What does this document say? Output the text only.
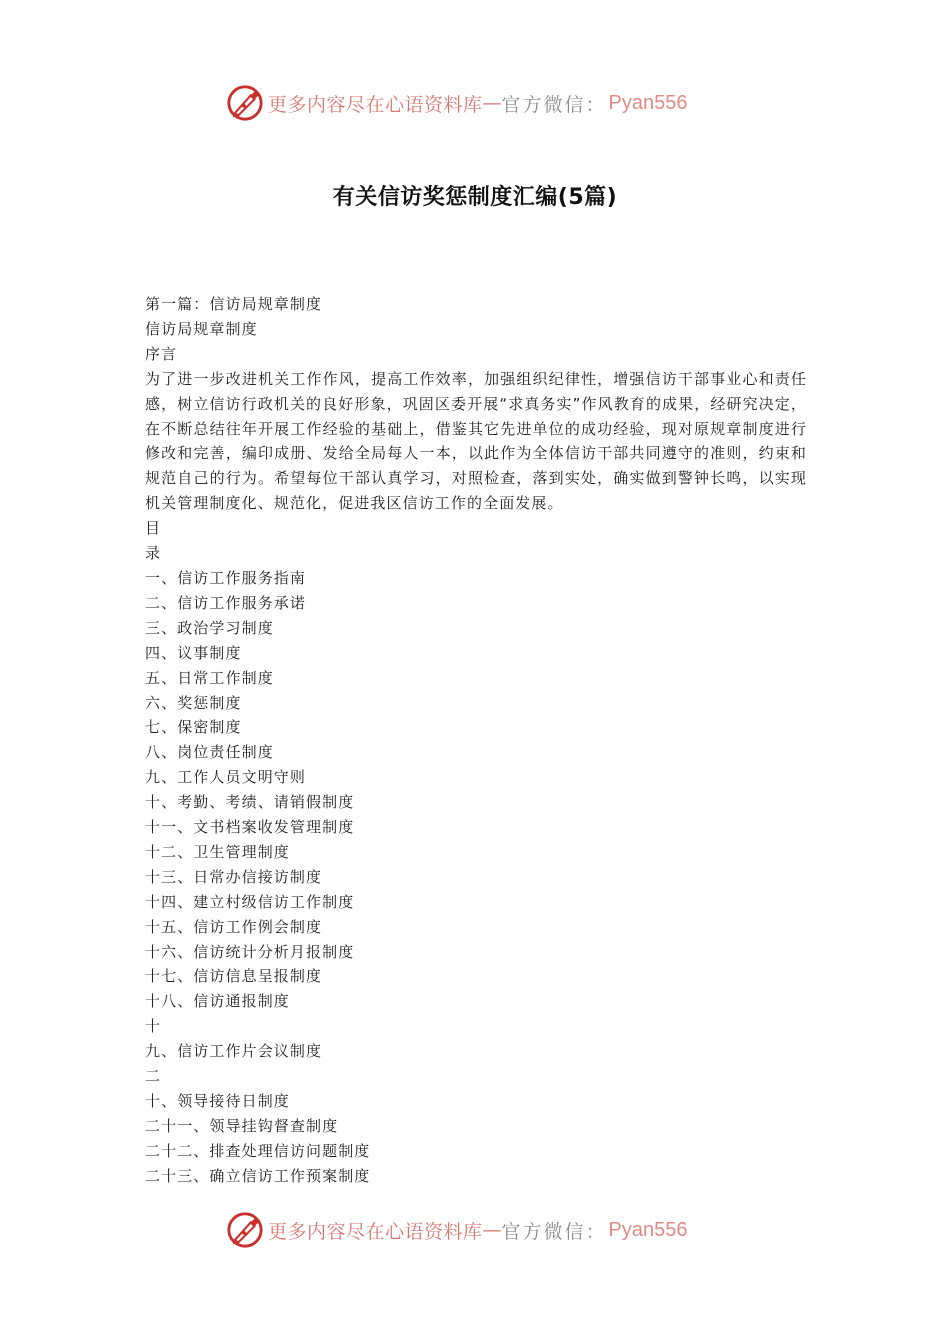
更多内容尽在心语资料库 — 官方微信： Pyan556
有关信访奖惩制度汇编(5篇)

第一篇：信访局规章制度

信访局规章制度

序言

为了进一步改进机关工作作风，提高工作效率，加强组织纪律性，增强信访干部事业心和责任感，树立信访行政机关的良好形象，巩固区委开展“求真务实”作风教育的成果，经研究决定，在不断总结往年开展工作经验的基础上，借鉴其它先进单位的成功经验，现对原规章制度进行修改和完善，编印成册、发给全局每人一本，以此作为全体信访干部共同遵守的准则，约束和规范自己的行为。希望每位干部认真学习，对照检查，落到实处，确实做到警钟长鸣，以实现机关管理制度化、规范化，促进我区信访工作的全面发展。

目

录

一、信访工作服务指南

二、信访工作服务承诺

三、政治学习制度

四、议事制度

五、日常工作制度

六、奖惩制度

七、保密制度

八、岗位责任制度

九、工作人员文明守则

十、考勤、考绩、请销假制度

十一、文书档案收发管理制度

十二、卫生管理制度

十三、日常办信接访制度

十四、建立村级信访工作制度

十五、信访工作例会制度

十六、信访统计分析月报制度

十七、信访信息呈报制度

十八、信访通报制度

十

九、信访工作片会议制度

二

十、领导接待日制度

二十一、领导挂钩督查制度

二十二、排查处理信访问题制度

二十三、确立信访工作预案制度

更多内容尽在心语资料库 — 官方微信： Pyan556
